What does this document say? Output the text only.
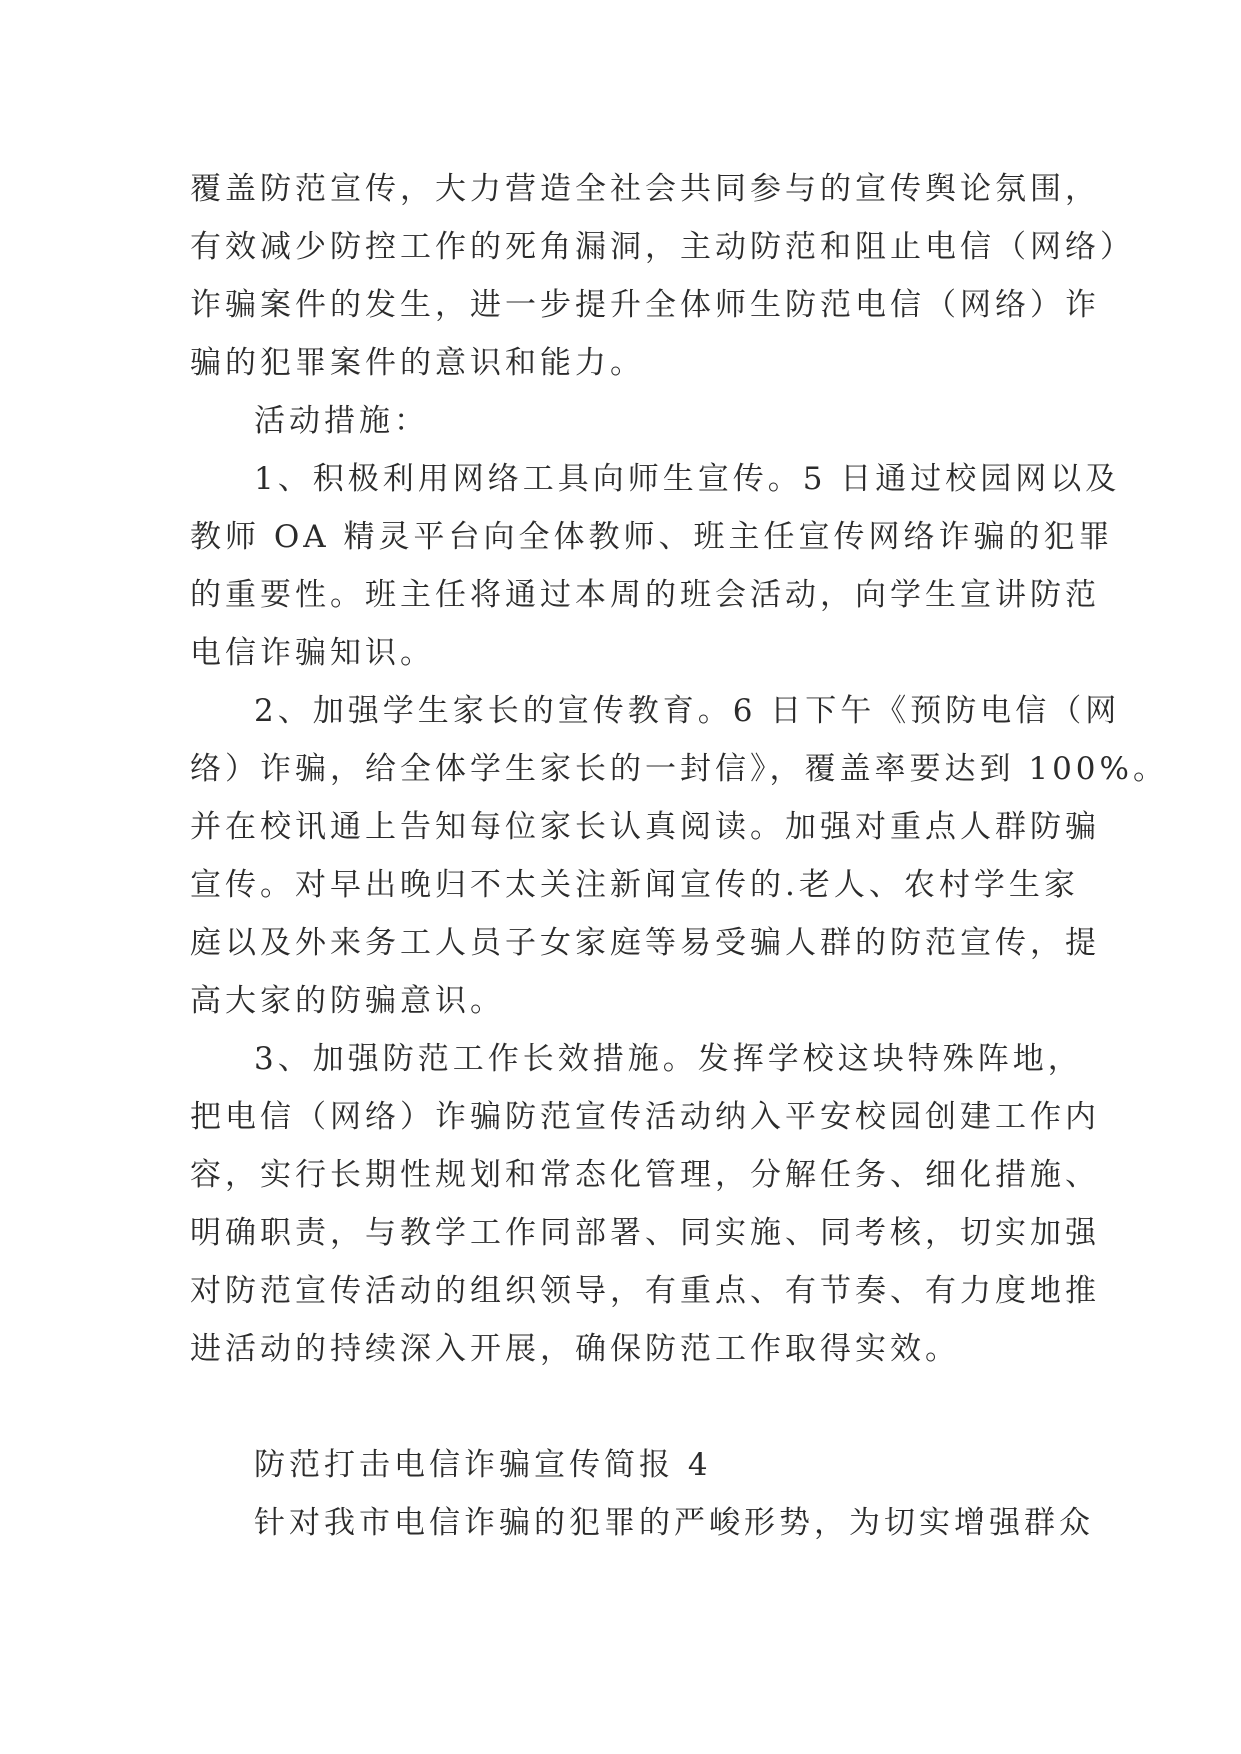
覆盖防范宣传，大力营造全社会共同参与的宣传舆论氛围，
有效减少防控工作的死角漏洞，主动防范和阻止电信（网络）
诈骗案件的发生，进一步提升全体师生防范电信（网络）诈
骗的犯罪案件的意识和能力。
活动措施：
1、积极利用网络工具向师生宣传。5 日通过校园网以及
教师 OA 精灵平台向全体教师、班主任宣传网络诈骗的犯罪
的重要性。班主任将通过本周的班会活动，向学生宣讲防范
电信诈骗知识。
2、加强学生家长的宣传教育。6 日下午《预防电信（网
络）诈骗，给全体学生家长的一封信》，覆盖率要达到 100%。
并在校讯通上告知每位家长认真阅读。加强对重点人群防骗
宣传。对早出晚归不太关注新闻宣传的.老人、农村学生家
庭以及外来务工人员子女家庭等易受骗人群的防范宣传，提
高大家的防骗意识。
3、加强防范工作长效措施。发挥学校这块特殊阵地，
把电信（网络）诈骗防范宣传活动纳入平安校园创建工作内
容，实行长期性规划和常态化管理，分解任务、细化措施、
明确职责，与教学工作同部署、同实施、同考核，切实加强
对防范宣传活动的组织领导，有重点、有节奏、有力度地推
进活动的持续深入开展，确保防范工作取得实效。
防范打击电信诈骗宣传简报 4
针对我市电信诈骗的犯罪的严峻形势，为切实增强群众
